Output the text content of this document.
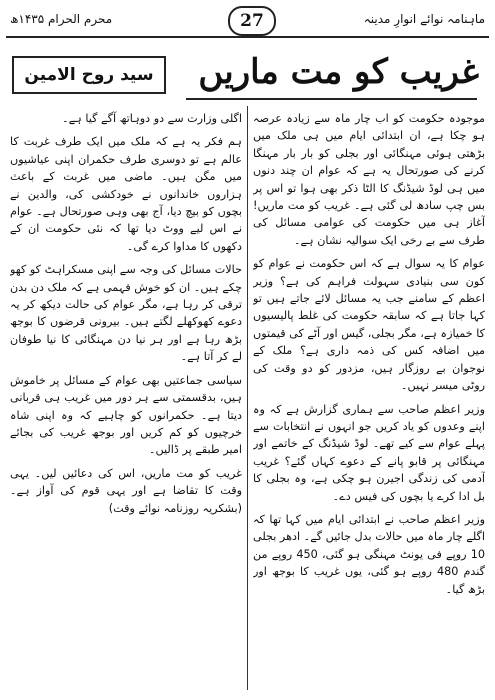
محرم الحرام ۱۴۳۵ھ	27	ماہنامہ نوائے انوارِ مدینہ
غریب کو مت ماریں
سید روح الامین

موجودہ حکومت کو اب چار ماہ سے زیادہ عرصہ ہو چکا ہے، ان ابتدائی ایام میں ہی ملک میں بڑھتی ہوئی مہنگائی اور بجلی کو بار بار مہنگا کرنے کی صورتحال یہ ہے کہ عوام ان چند دنوں میں ہی لوڈ شیڈنگ کا الٹا ذکر بھی ہوا تو اس پر بس چپ سادھ لی گئی ہے۔ غریب کو مت ماریں! آغاز ہی میں حکومت کی عوامی مسائل کی طرف سے بے رخی ایک سوالیہ نشان ہے۔

عوام کا یہ سوال ہے کہ اس حکومت نے عوام کو کون سی بنیادی سہولت فراہم کی ہے؟ وزیر اعظم کے سامنے جب یہ مسائل لائے جاتے ہیں تو کہا جاتا ہے کہ سابقہ حکومت کی غلط پالیسیوں کا خمیازہ ہے، مگر بجلی، گیس اور آٹے کی قیمتوں میں اضافہ کس کی ذمہ داری ہے؟ ملک کے نوجوان بے روزگار ہیں، مزدور کو دو وقت کی روٹی میسر نہیں۔

وزیر اعظم صاحب سے ہماری گزارش ہے کہ وہ اپنے وعدوں کو یاد کریں جو انہوں نے انتخابات سے پہلے عوام سے کیے تھے۔ لوڈ شیڈنگ کے خاتمے اور مہنگائی پر قابو پانے کے دعوے کہاں گئے؟ غریب آدمی کی زندگی اجیرن ہو چکی ہے، وہ بجلی کا بل ادا کرے یا بچوں کی فیس دے۔

وزیر اعظم صاحب نے ابتدائی ایام میں کہا تھا کہ اگلے چار ماہ میں حالات بدل جائیں گے۔ ادھر بجلی 10 روپے فی یونٹ مہنگی ہو گئی، 450 روپے من گندم 480 روپے ہو گئی، یوں غریب کا بوجھ اور بڑھ گیا۔

اگلی وزارت سے دو دوہاتھ آگے گیا ہے۔

ہم فکر یہ ہے کہ ملک میں ایک طرف غربت کا عالم ہے تو دوسری طرف حکمران اپنی عیاشیوں میں مگن ہیں۔ ماضی میں غربت کے باعث ہزاروں خاندانوں نے خودکشی کی، والدین نے بچوں کو بیچ دیا، آج بھی وہی صورتحال ہے۔ عوام نے اس لیے ووٹ دیا تھا کہ نئی حکومت ان کے دکھوں کا مداوا کرے گی۔

حالات مسائل کی وجہ سے اپنی مسکراہٹ کو کھو چکے ہیں۔ ان کو خوش فہمی ہے کہ ملک دن بدن ترقی کر رہا ہے، مگر عوام کی حالت دیکھ کر یہ دعوے کھوکھلے لگتے ہیں۔ بیرونی قرضوں کا بوجھ بڑھ رہا ہے اور ہر نیا دن مہنگائی کا نیا طوفان لے کر آتا ہے۔

سیاسی جماعتیں بھی عوام کے مسائل پر خاموش ہیں، بدقسمتی سے ہر دور میں غریب ہی قربانی دیتا ہے۔ حکمرانوں کو چاہیے کہ وہ اپنی شاہ خرچیوں کو کم کریں اور بوجھ غریب کی بجائے امیر طبقے پر ڈالیں۔

غریب کو مت ماریں، اس کی دعائیں لیں۔ یہی وقت کا تقاضا ہے اور یہی قوم کی آواز ہے۔ (بشکریہ روزنامہ نوائے وقت)
